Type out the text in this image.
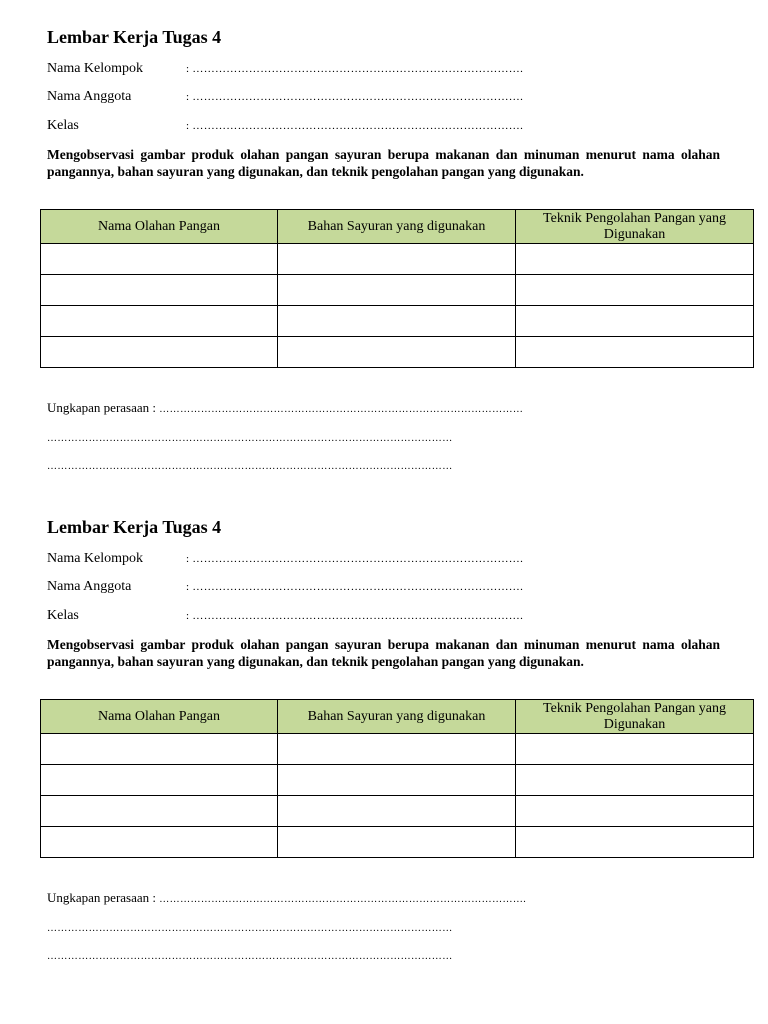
Lembar Kerja Tugas 4
Nama Kelompok	: …………………………………………………………………………….
Nama Anggota	: …………………………………………………………………………….
Kelas	: …………………………………………………………………………….

Mengobservasi gambar produk olahan pangan sayuran berupa makanan dan minuman menurut nama olahan pangannya, bahan sayuran yang digunakan, dan teknik pengolahan pangan yang digunakan.

Nama Olahan Pangan	Bahan Sayuran yang digunakan	Teknik Pengolahan Pangan yang Digunakan

Ungkapan perasaan : ……………………………………………………………………………………………
………………………………………………………………………………………………………
………………………………………………………………………………………………………
Lembar Kerja Tugas 4
Nama Kelompok	: …………………………………………………………………………….
Nama Anggota	: …………………………………………………………………………….
Kelas	: …………………………………………………………………………….

Mengobservasi gambar produk olahan pangan sayuran berupa makanan dan minuman menurut nama olahan pangannya, bahan sayuran yang digunakan, dan teknik pengolahan pangan yang digunakan.

Nama Olahan Pangan	Bahan Sayuran yang digunakan	Teknik Pengolahan Pangan yang Digunakan

Ungkapan perasaan : …………………………………………………………………………………………….
………………………………………………………………………………………………………
………………………………………………………………………………………………………
